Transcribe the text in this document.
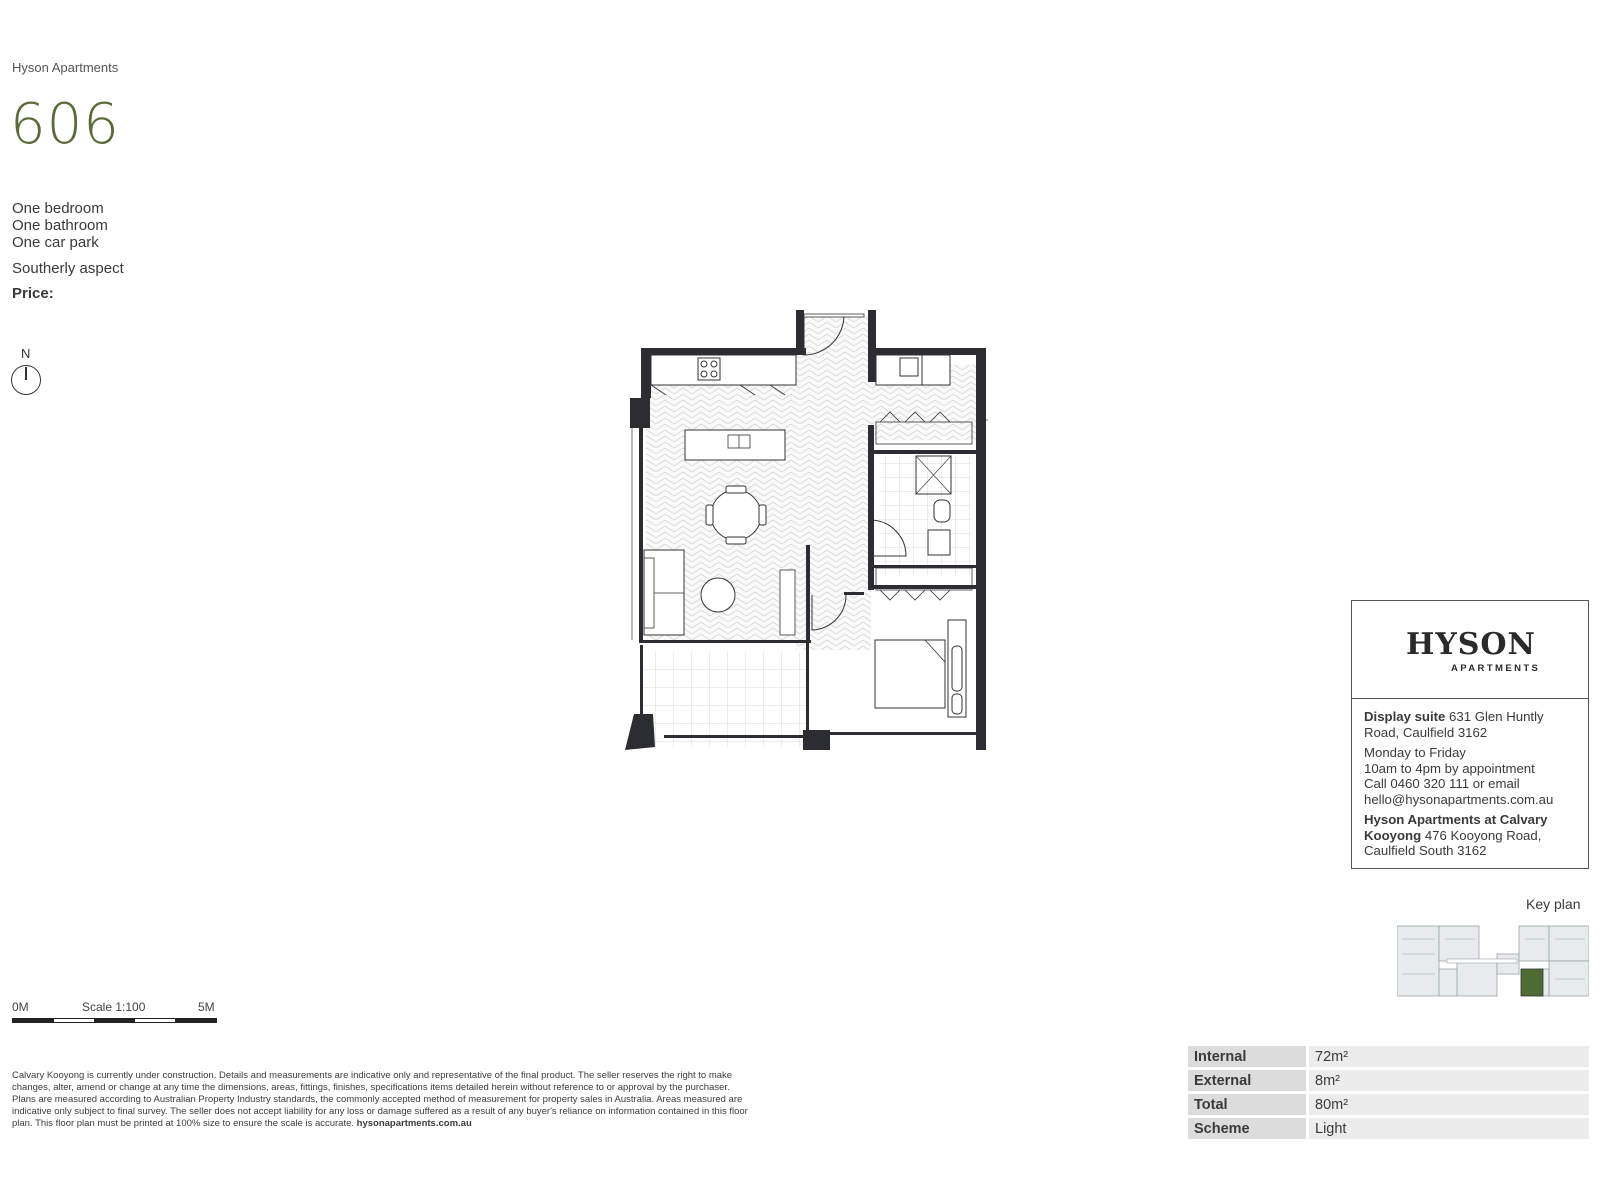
Hyson Apartments
606
One bedroom
One bathroom
One car park
Southerly aspect
Price:
N
0M	Scale 1:100	5M
Calvary Kooyong is currently under construction. Details and measurements are indicative only and representative of the final product. The seller reserves the right to make changes, alter, amend or change at any time the dimensions, areas, fittings, finishes, specifications items detailed herein without reference to or approval by the purchaser. Plans are measured according to Australian Property Industry standards, the commonly accepted method of measurement for property sales in Australia. Areas measured are indicative only subject to final survey. The seller does not accept liability for any loss or damage suffered as a result of any buyer's reliance on information contained in this floor plan. This floor plan must be printed at 100% size to ensure the scale is accurate. hysonapartments.com.au
HYSON
APARTMENTS

Display suite 631 Glen Huntly Road, Caulfield 3162

Monday to Friday
10am to 4pm by appointment
Call 0460 320 111 or email
hello@hysonapartments.com.au

Hyson Apartments at Calvary Kooyong 476 Kooyong Road, Caulfield South 3162

Key plan
Internal	72m²
External	8m²
Total	80m²
Scheme	Light
